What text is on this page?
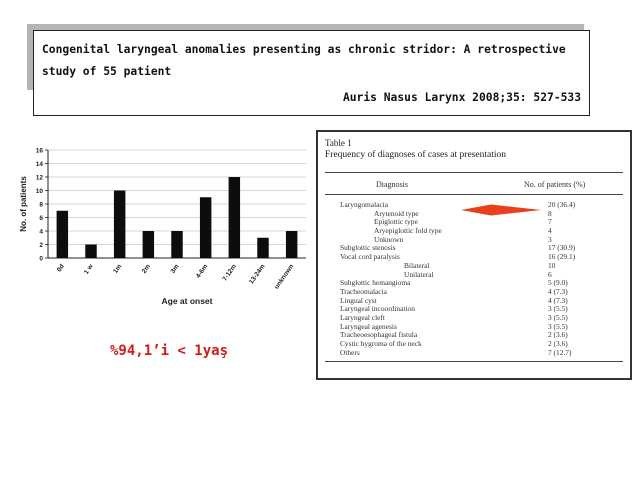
Congenital laryngeal anomalies presenting as chronic stridor: A retrospective
study of 55 patient
Auris Nasus Larynx 2008;35: 527-533
0
2
4
6
8
10
12
14
16
0d	1 w	1m	2m	3m 4-6m 7-12m 13-24m unknown
Age at onset
No. of patients
%94,1’i < 1yaş
Table 1
Frequency of diagnoses of cases at presentation
Diagnosis	No. of patients (%)
Laryngomalacia	20 (36.4)
Arytenoid type	8
Epiglottic type	7
Aryepiglottic fold type	4
Unknown	3
Subglottic stenosis	17 (30.9)
Vocal cord paralysis	16 (29.1)
Bilateral	10
Unilateral	6
Subglottic hemangioma	5 (9.0)
Tracheomalacia	4 (7.3)
Lingual cyst	4 (7.3)
Laryngeal incoordination	3 (5.5)
Laryngeal cleft	3 (5.5)
Laryngeal agenesis	3 (5.5)
Tracheoesophageal fistula	2 (3.6)
Cystic hygroma of the neck	2 (3.6)
Others	7 (12.7)
